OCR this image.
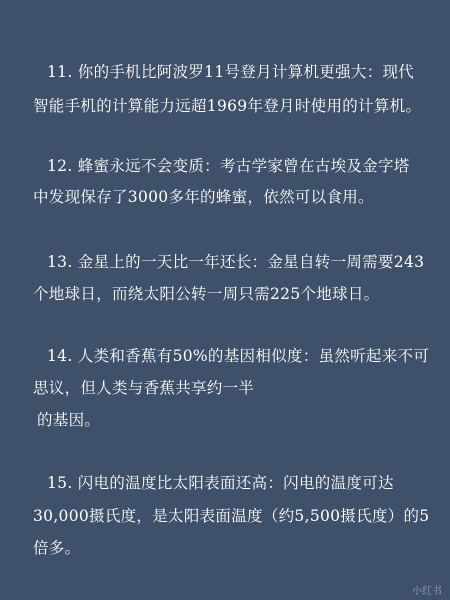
11. 你的手机比阿波罗11号登月计算机更强大：现代
智能手机的计算能力远超1969年登月时使用的计算机。
12. 蜂蜜永远不会变质：考古学家曾在古埃及金字塔
中发现保存了3000多年的蜂蜜，依然可以食用。
13. 金星上的一天比一年还长：金星自转一周需要243
个地球日，而绕太阳公转一周只需225个地球日。
14. 人类和香蕉有50%的基因相似度：虽然听起来不可
思议，但人类与香蕉共享约一半
的基因。
15. 闪电的温度比太阳表面还高：闪电的温度可达
30,000摄氏度，是太阳表面温度（约5,500摄氏度）的5
倍多。
小红书
